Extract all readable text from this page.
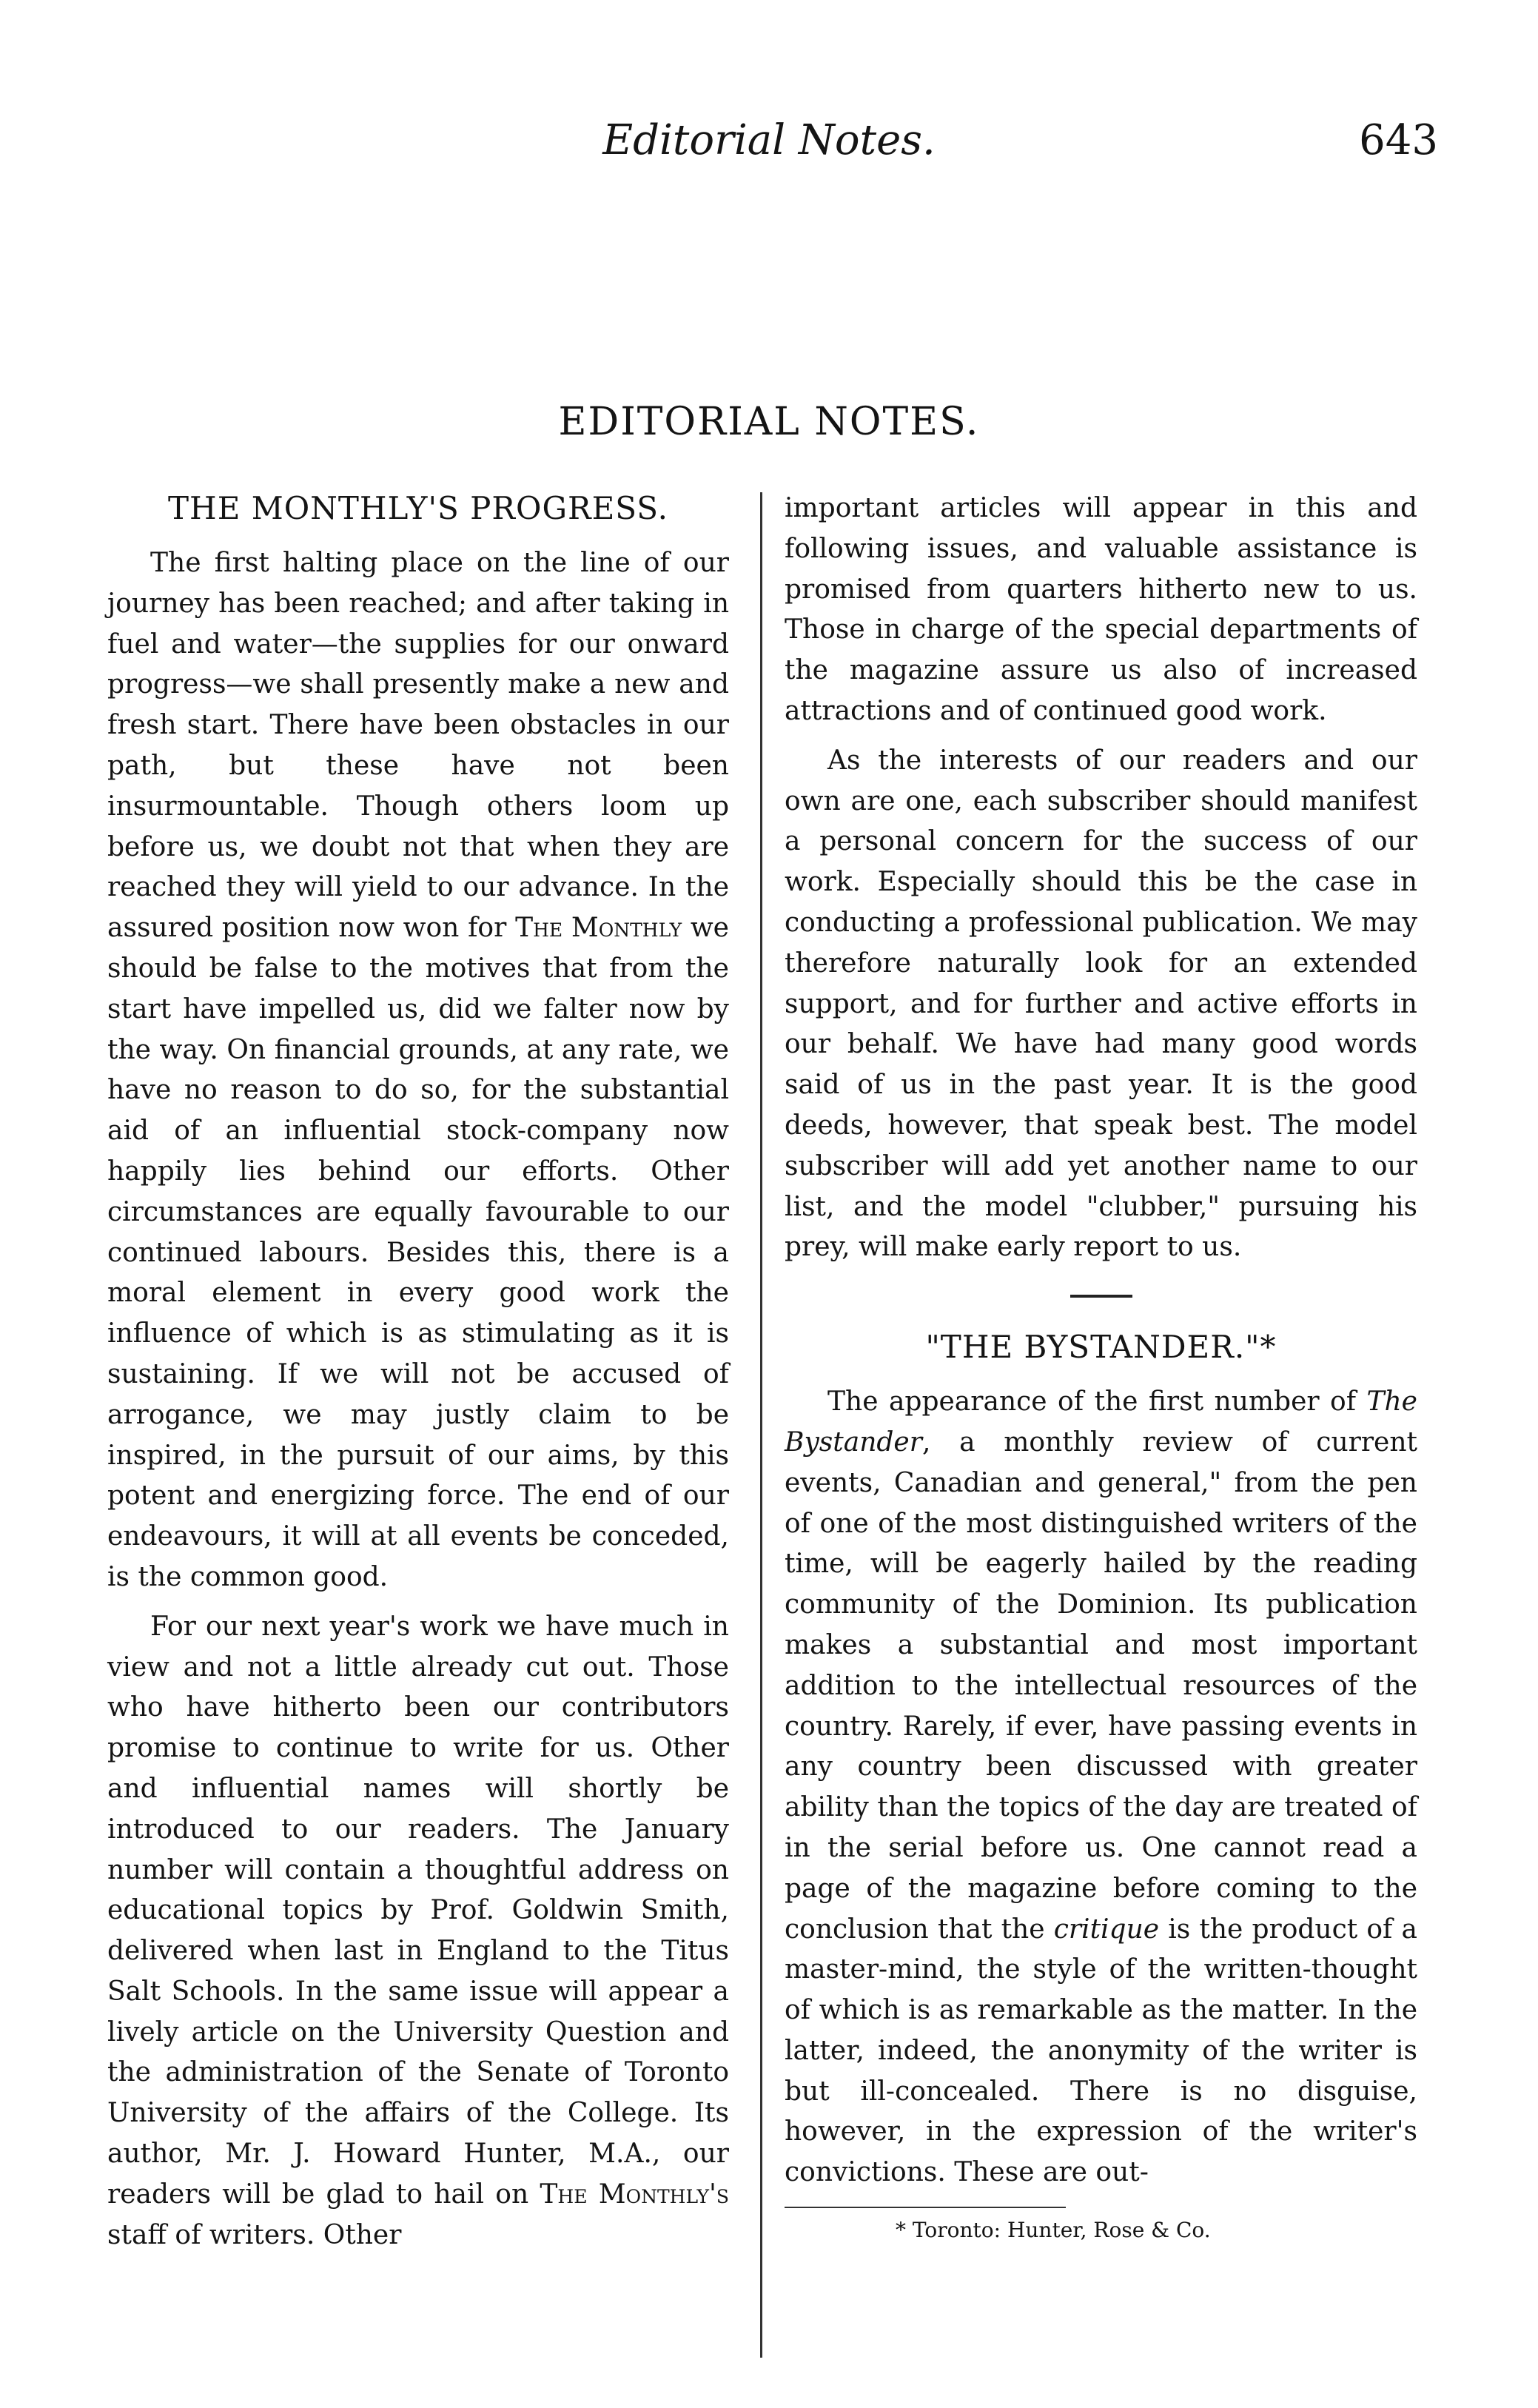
Editorial Notes.	643
EDITORIAL NOTES.
THE MONTHLY'S PROGRESS.

The first halting place on the line of our journey has been reached; and after taking in fuel and water—the supplies for our onward progress—we shall presently make a new and fresh start. There have been obstacles in our path, but these have not been insurmountable. Though others loom up before us, we doubt not that when they are reached they will yield to our advance. In the assured position now won for The Monthly we should be false to the motives that from the start have impelled us, did we falter now by the way. On financial grounds, at any rate, we have no reason to do so, for the substantial aid of an influential stock-company now happily lies behind our efforts. Other circumstances are equally favourable to our continued labours. Besides this, there is a moral element in every good work the influence of which is as stimulating as it is sustaining. If we will not be accused of arrogance, we may justly claim to be inspired, in the pursuit of our aims, by this potent and energizing force. The end of our endeavours, it will at all events be conceded, is the common good.

For our next year's work we have much in view and not a little already cut out. Those who have hitherto been our contributors promise to continue to write for us. Other and influential names will shortly be introduced to our readers. The January number will contain a thoughtful address on educational topics by Prof. Goldwin Smith, delivered when last in England to the Titus Salt Schools. In the same issue will appear a lively article on the University Question and the administration of the Senate of Toronto University of the affairs of the College. Its author, Mr. J. Howard Hunter, M.A., our readers will be glad to hail on The Monthly's staff of writers. Other

important articles will appear in this and following issues, and valuable assistance is promised from quarters hitherto new to us. Those in charge of the special departments of the magazine assure us also of increased attractions and of continued good work.

As the interests of our readers and our own are one, each subscriber should manifest a personal concern for the success of our work. Especially should this be the case in conducting a professional publication. We may therefore naturally look for an extended support, and for further and active efforts in our behalf. We have had many good words said of us in the past year. It is the good deeds, however, that speak best. The model subscriber will add yet another name to our list, and the model "clubber," pursuing his prey, will make early report to us.

"THE BYSTANDER."*

The appearance of the first number of The Bystander, a monthly review of current events, Canadian and general," from the pen of one of the most distinguished writers of the time, will be eagerly hailed by the reading community of the Dominion. Its publication makes a substantial and most important addition to the intellectual resources of the country. Rarely, if ever, have passing events in any country been discussed with greater ability than the topics of the day are treated of in the serial before us. One cannot read a page of the magazine before coming to the conclusion that the critique is the product of a master-mind, the style of the written-thought of which is as remarkable as the matter. In the latter, indeed, the anonymity of the writer is but ill-concealed. There is no disguise, however, in the expression of the writer's convictions. These are out-

* Toronto: Hunter, Rose & Co.
